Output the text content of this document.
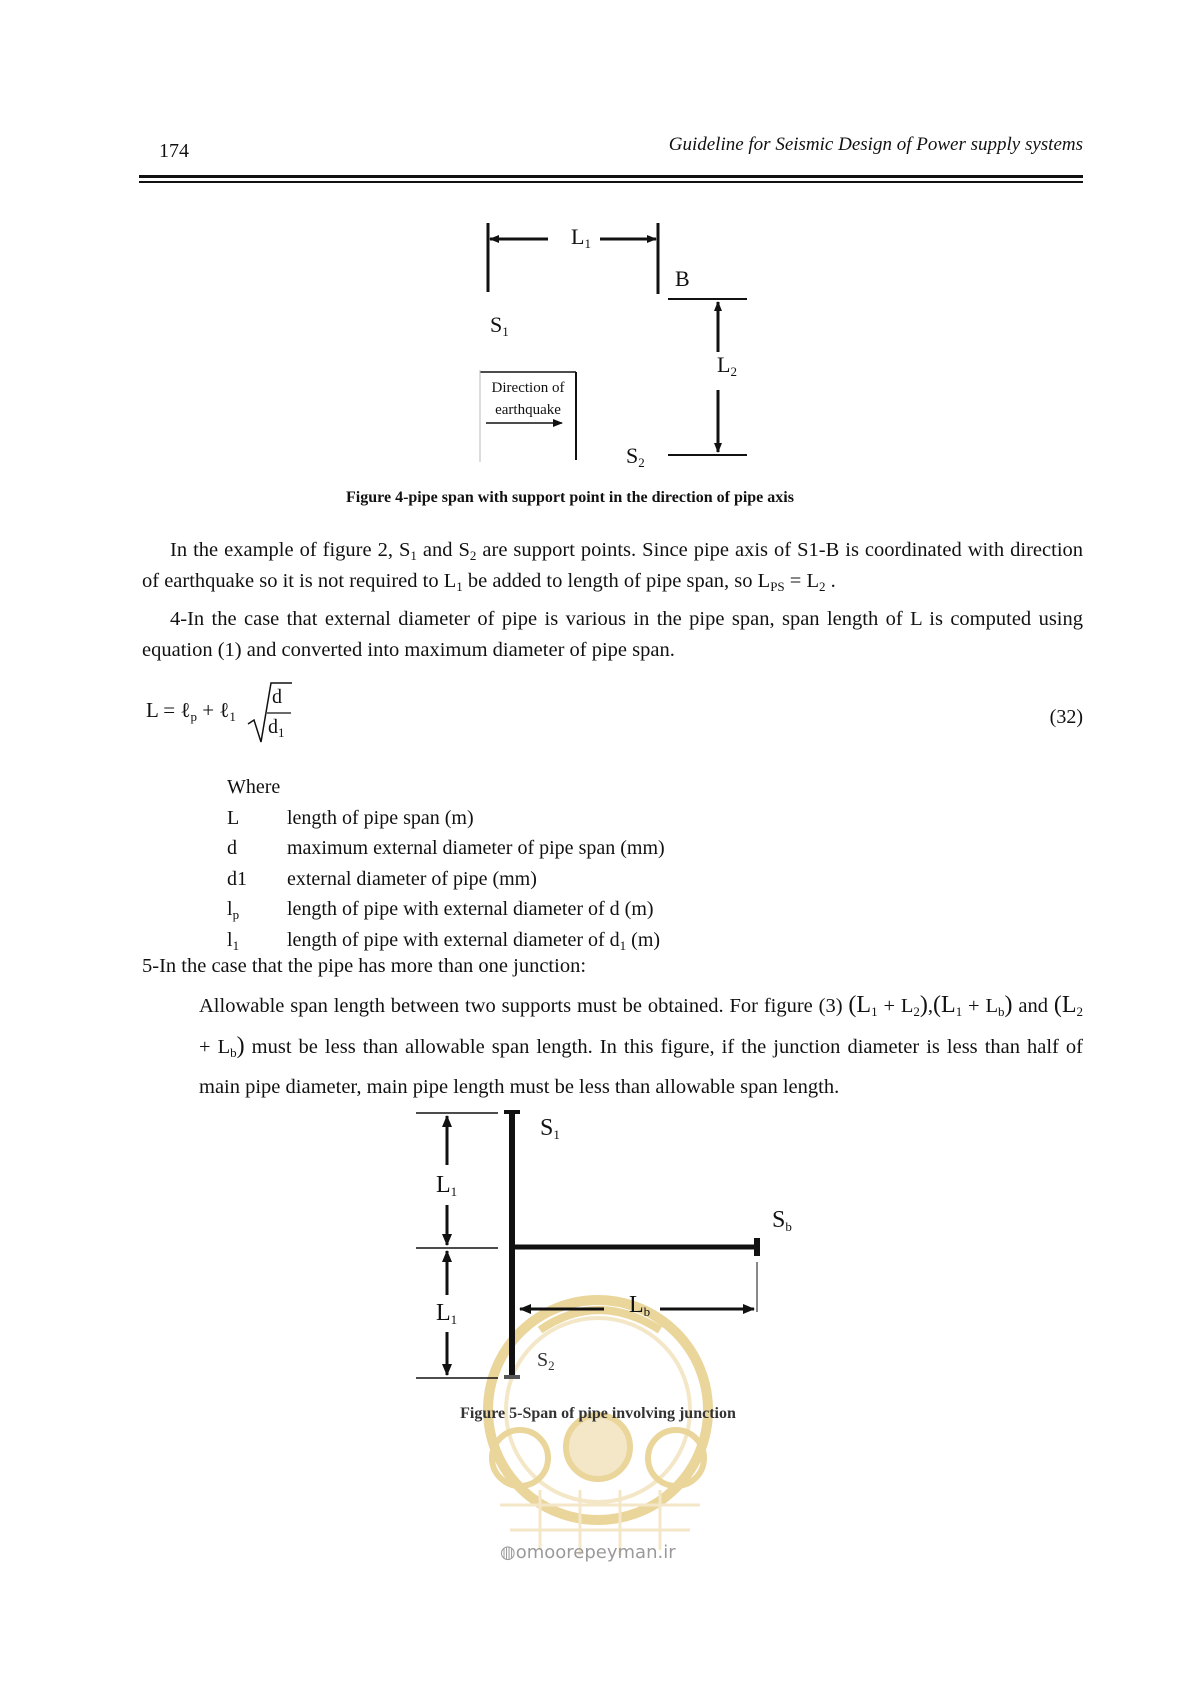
174	Guideline for Seismic Design of Power supply systems
$L_1$
B
$S_1$
$L_2$
$S_2$
Direction of
earthquake
Figure 4-pipe span with support point in the direction of pipe axis
In the example of figure 2, $S_1$ and $S_2$ are support points. Since pipe axis of S1-B is coordinated with direction of earthquake so it is not required to $L_1$ be added to length of pipe span, so $L_{PS} = L_2$ .
4-In the case that external diameter of pipe is various in the pipe span, span length of L is computed using equation (1) and converted into maximum diameter of pipe span.
L = ℓ$_p$ + ℓ$_1$
d
$d_1$
(32)
Where
L	length of pipe span (m)
d	maximum external diameter of pipe span (mm)
d1	external diameter of pipe (mm)
$l_p$	length of pipe with external diameter of d (m)
$l_1$	length of pipe with external diameter of $d_1$ (m)
5-In the case that the pipe has more than one junction:
Allowable span length between two supports must be obtained. For figure (3) $(L_1 + L_2),(L_1 + L_b)$ and $(L_2 + L_b)$ must be less than allowable span length. In this figure, if the junction diameter is less than half of main pipe diameter, main pipe length must be less than allowable span length.
◍omoorepeyman.ir
$S_1$
$L_1$
$S_b$
$L_1$
$L_b$
$S_2$
Figure 5-Span of pipe involving junction
